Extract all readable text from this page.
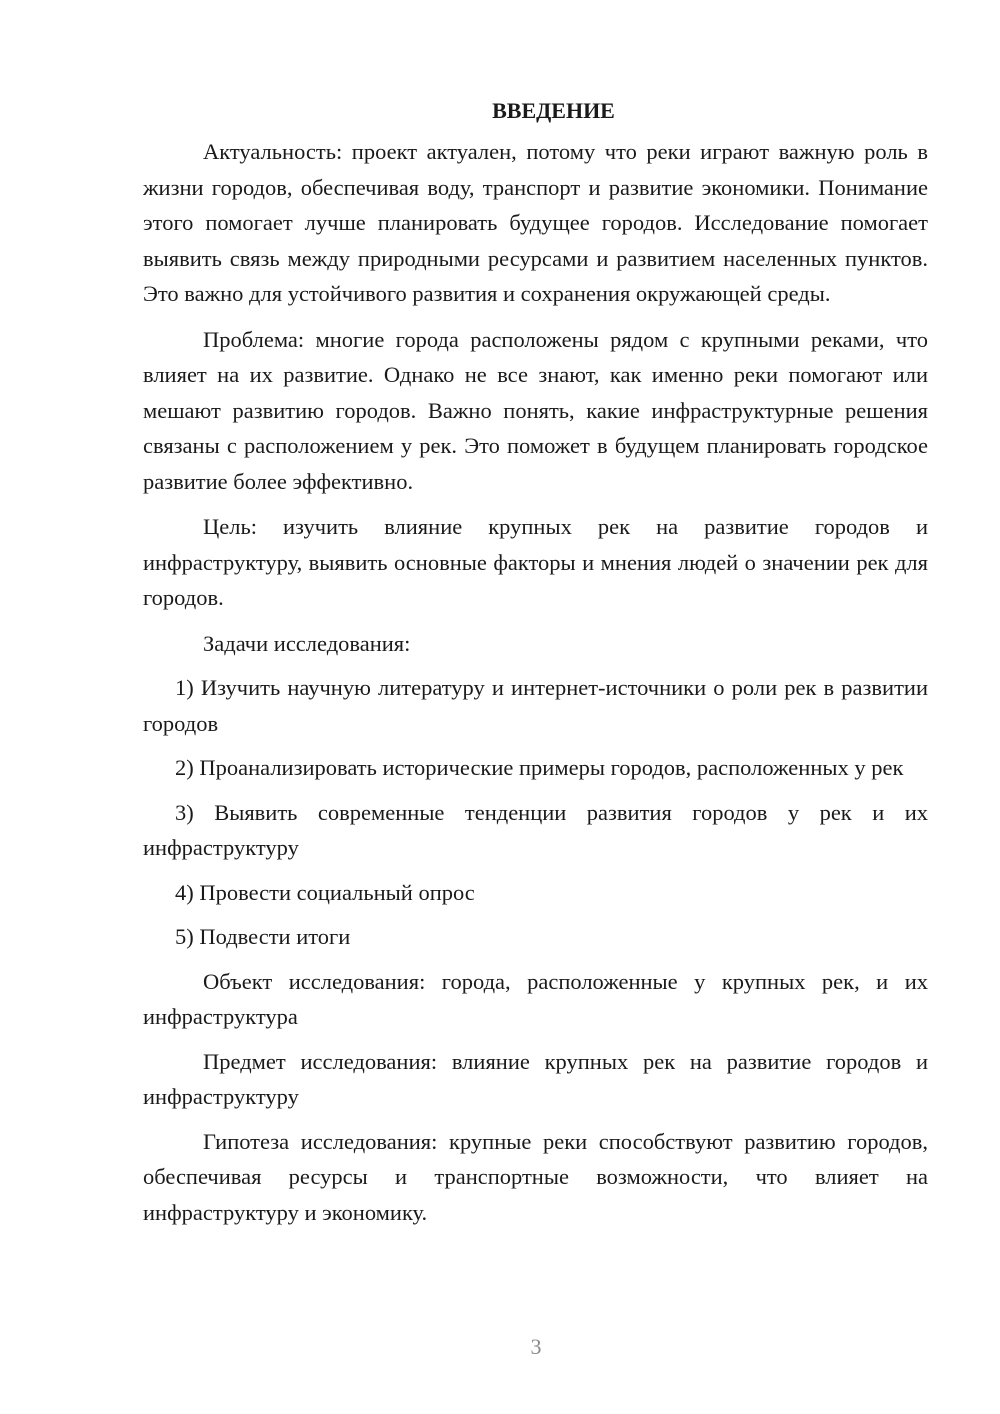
ВВЕДЕНИЕ

Актуальность: проект актуален, потому что реки играют важную роль в жизни городов, обеспечивая воду, транспорт и развитие экономики. Понимание этого помогает лучше планировать будущее городов. Исследование помогает выявить связь между природными ресурсами и развитием населенных пунктов. Это важно для устойчивого развития и сохранения окружающей среды.

Проблема: многие города расположены рядом с крупными реками, что влияет на их развитие. Однако не все знают, как именно реки помогают или мешают развитию городов. Важно понять, какие инфраструктурные решения связаны с расположением у рек. Это поможет в будущем планировать городское развитие более эффективно.

Цель: изучить влияние крупных рек на развитие городов и инфраструктуру, выявить основные факторы и мнения людей о значении рек для городов.

Задачи исследования:

1) Изучить научную литературу и интернет-источники о роли рек в развитии городов

2) Проанализировать исторические примеры городов, расположенных у рек

3) Выявить современные тенденции развития городов у рек и их инфраструктуру

4) Провести социальный опрос

5) Подвести итоги

Объект исследования: города, расположенные у крупных рек, и их инфраструктура

Предмет исследования: влияние крупных рек на развитие городов и инфраструктуру

Гипотеза исследования: крупные реки способствуют развитию городов, обеспечивая ресурсы и транспортные возможности, что влияет на инфраструктуру и экономику.

3
